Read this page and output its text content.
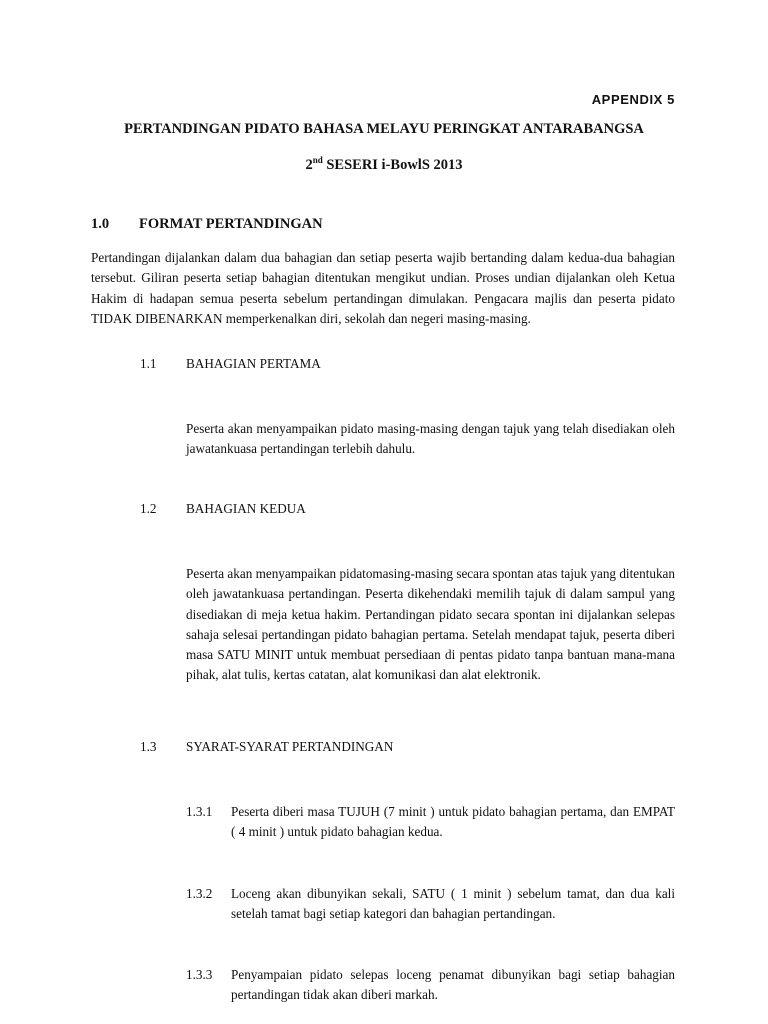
APPENDIX 5
PERTANDINGAN PIDATO BAHASA MELAYU PERINGKAT ANTARABANGSA
2nd SESERI i-BowlS 2013
1.0 FORMAT PERTANDINGAN

Pertandingan dijalankan dalam dua bahagian dan setiap peserta wajib bertanding dalam kedua-dua bahagian tersebut. Giliran peserta setiap bahagian ditentukan mengikut undian. Proses undian dijalankan oleh Ketua Hakim di hadapan semua peserta sebelum pertandingan dimulakan. Pengacara majlis dan peserta pidato TIDAK DIBENARKAN memperkenalkan diri, sekolah dan negeri masing-masing.

1.1 BAHAGIAN PERTAMA

Peserta akan menyampaikan pidato masing-masing dengan tajuk yang telah disediakan oleh jawatankuasa pertandingan terlebih dahulu.

1.2 BAHAGIAN KEDUA

Peserta akan menyampaikan pidatomasing-masing secara spontan atas tajuk yang ditentukan oleh jawatankuasa pertandingan. Peserta dikehendaki memilih tajuk di dalam sampul yang disediakan di meja ketua hakim. Pertandingan pidato secara spontan ini dijalankan selepas sahaja selesai pertandingan pidato bahagian pertama. Setelah mendapat tajuk, peserta diberi masa SATU MINIT untuk membuat persediaan di pentas pidato tanpa bantuan mana-mana pihak, alat tulis, kertas catatan, alat komunikasi dan alat elektronik.

1.3 SYARAT-SYARAT PERTANDINGAN
1.3.1 Peserta diberi masa TUJUH (7 minit ) untuk pidato bahagian pertama, dan EMPAT ( 4 minit ) untuk pidato bahagian kedua.

1.3.2 Loceng akan dibunyikan sekali, SATU ( 1 minit ) sebelum tamat, dan dua kali setelah tamat bagi setiap kategori dan bahagian pertandingan.

1.3.3 Penyampaian pidato selepas loceng penamat dibunyikan bagi setiap bahagian pertandingan tidak akan diberi markah.
